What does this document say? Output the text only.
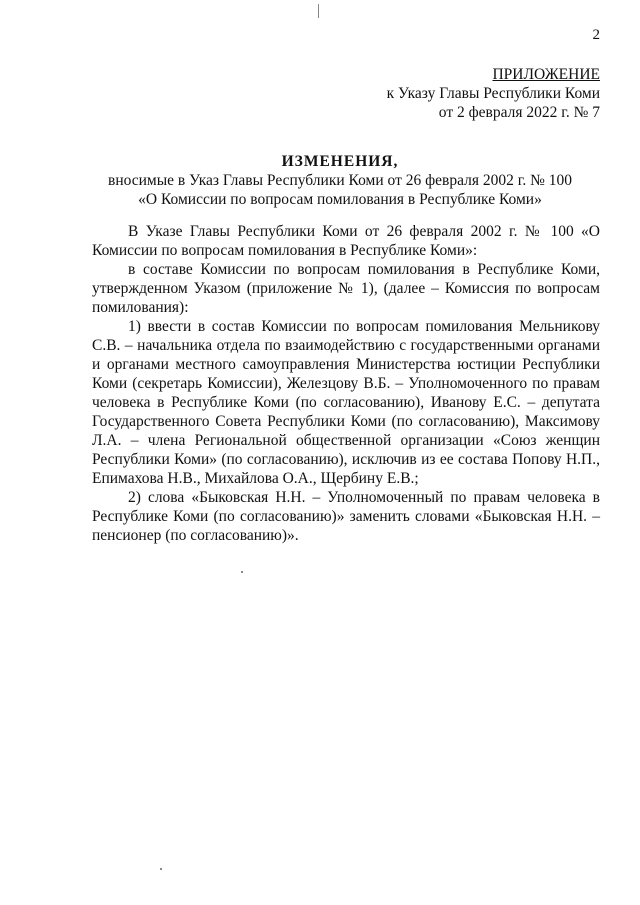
2
ПРИЛОЖЕНИЕ
к Указу Главы Республики Коми
от 2 февраля 2022 г. № 7
ИЗМЕНЕНИЯ,
вносимые в Указ Главы Республики Коми от 26 февраля 2002 г. № 100
«О Комиссии по вопросам помилования в Республике Коми»

В Указе Главы Республики Коми от 26 февраля 2002 г. № 100 «О Комиссии по вопросам помилования в Республике Коми»:

в составе Комиссии по вопросам помилования в Республике Коми, утвержденном Указом (приложение № 1), (далее – Комиссия по вопросам помилования):

1) ввести в состав Комиссии по вопросам помилования Мельникову С.В. – начальника отдела по взаимодействию с государственными органами и органами местного самоуправления Министерства юстиции Республики Коми (секретарь Комиссии), Железцову В.Б. – Уполномоченного по правам человека в Республике Коми (по согласованию), Иванову Е.С. – депутата Государственного Совета Республики Коми (по согласованию), Максимову Л.А. – члена Региональной общественной организации «Союз женщин Республики Коми» (по согласованию), исключив из ее состава Попову Н.П., Епимахова Н.В., Михайлова О.А., Щербину Е.В.;

2) слова «Быковская Н.Н. – Уполномоченный по правам человека в Республике Коми (по согласованию)» заменить словами «Быковская Н.Н. – пенсионер (по согласованию)».
